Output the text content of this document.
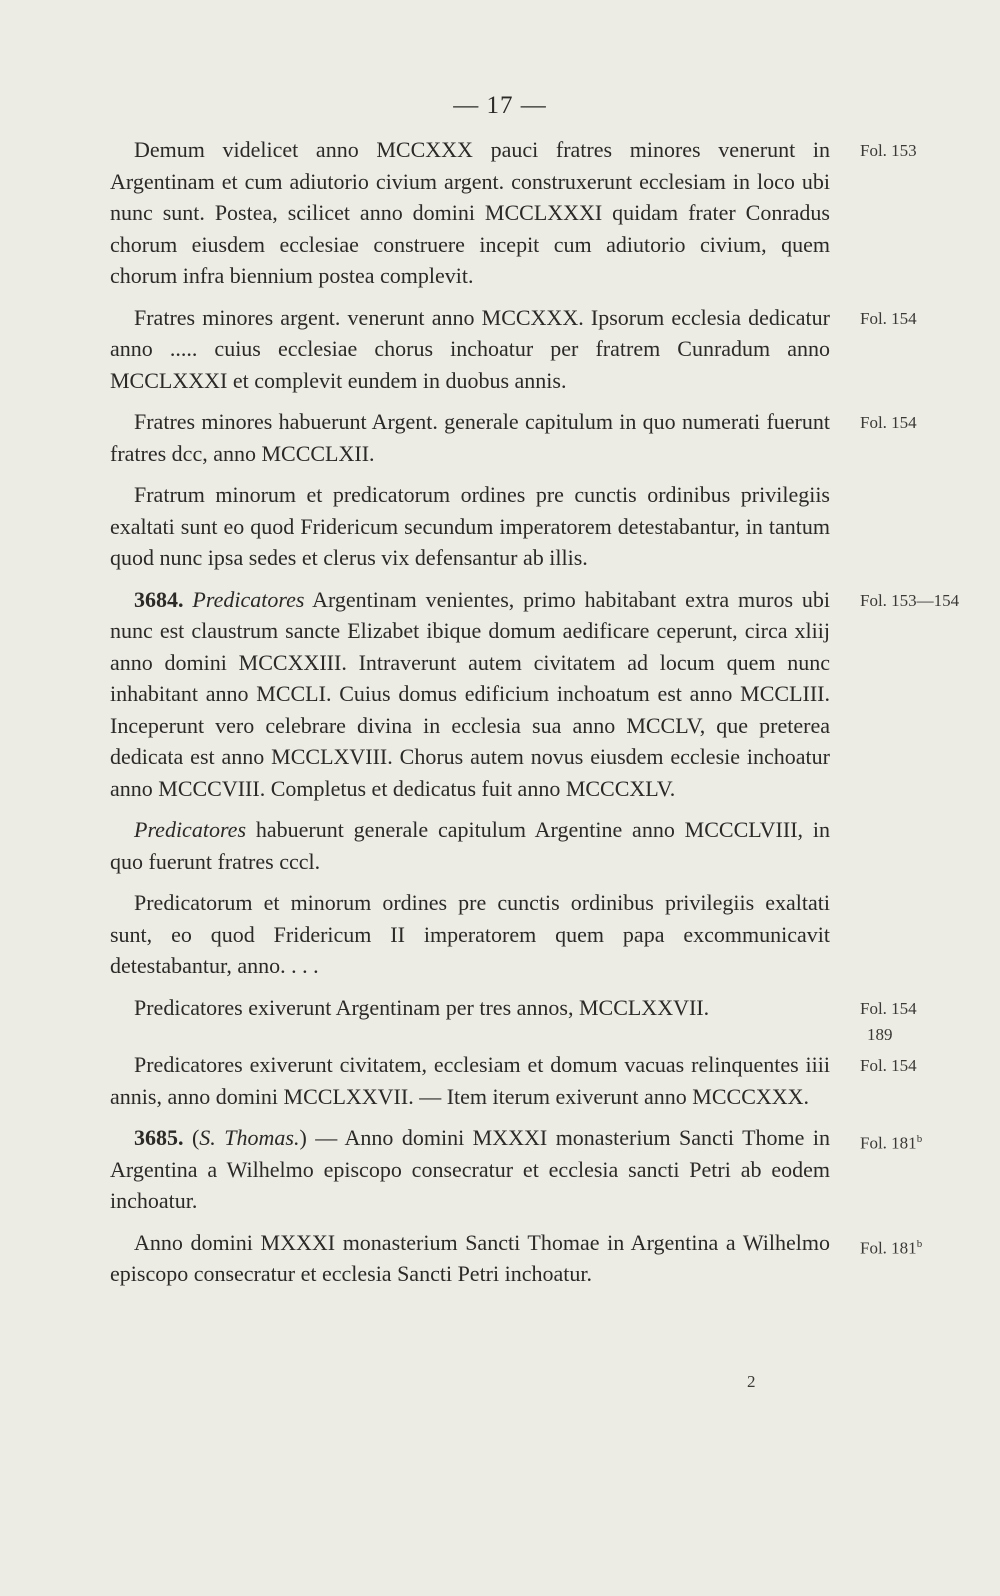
— 17 —

Demum videlicet anno MCCXXX pauci fratres minores venerunt in Argentinam et cum adiutorio civium argent. construxerunt ecclesiam in loco ubi nunc sunt. Postea, scilicet anno domini MCCLXXXI quidam frater Conradus chorum eiusdem ecclesiae construere incepit cum adiutorio civium, quem chorum infra biennium postea complevit.
Fol. 153

Fratres minores argent. venerunt anno MCCXXX. Ipsorum ecclesia dedicatur anno ..... cuius ecclesiae chorus inchoatur per fratrem Cunradum anno MCCLXXXI et complevit eundem in duobus annis.
Fol. 154

Fratres minores habuerunt Argent. generale capitulum in quo numerati fuerunt fratres dcc, anno MCCCLXII.
Fol. 154

Fratrum minorum et predicatorum ordines pre cunctis ordinibus privilegiis exaltati sunt eo quod Fridericum secundum imperatorem detestabantur, in tantum quod nunc ipsa sedes et clerus vix defensantur ab illis.

3684. Predicatores Argentinam venientes, primo habitabant extra muros ubi nunc est claustrum sancte Elizabet ibique domum aedificare ceperunt, circa xliij anno domini MCCXXIII. Intraverunt autem civitatem ad locum quem nunc inhabitant anno MCCLI. Cuius domus edificium inchoatum est anno MCCLIII. Inceperunt vero celebrare divina in ecclesia sua anno MCCLV, que preterea dedicata est anno MCCLXVIII. Chorus autem novus eiusdem ecclesie inchoatur anno MCCCVIII. Completus et dedicatus fuit anno MCCCXLV.
Fol. 153—154

Predicatores habuerunt generale capitulum Argentine anno MCCCLVIII, in quo fuerunt fratres cccl.

Predicatorum et minorum ordines pre cunctis ordinibus privilegiis exaltati sunt, eo quod Fridericum II imperatorem quem papa excommunicavit detestabantur, anno. . . .

Predicatores exiverunt Argentinam per tres annos, MCCLXXVII.	Fol. 154
189

Predicatores exiverunt civitatem, ecclesiam et domum vacuas relinquentes iiii annis, anno domini MCCLXXVII. — Item iterum exiverunt anno MCCCXXX.
Fol. 154

3685. (S. Thomas.) — Anno domini MXXXI monasterium Sancti Thome in Argentina a Wilhelmo episcopo consecratur et ecclesia sancti Petri ab eodem inchoatur.
Fol. 181$^b$

Anno domini MXXXI monasterium Sancti Thomae in Argentina a Wilhelmo episcopo consecratur et ecclesia Sancti Petri inchoatur.
Fol. 181$^b$

2
